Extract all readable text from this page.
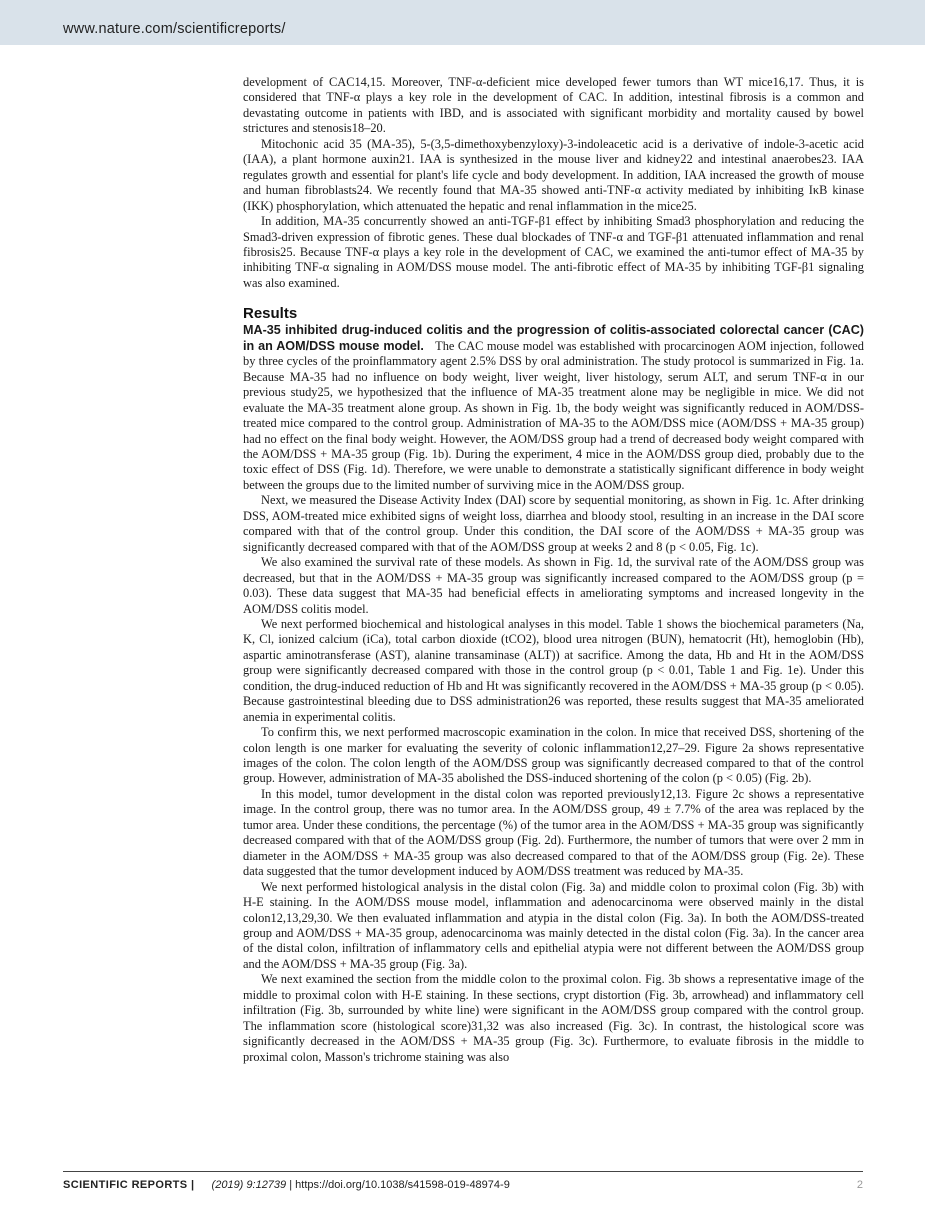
www.nature.com/scientificreports/

development of CAC14,15. Moreover, TNF-α-deficient mice developed fewer tumors than WT mice16,17. Thus, it is considered that TNF-α plays a key role in the development of CAC. In addition, intestinal fibrosis is a common and devastating outcome in patients with IBD, and is associated with significant morbidity and mortality caused by bowel strictures and stenosis18–20.

Mitochonic acid 35 (MA-35), 5-(3,5-dimethoxybenzyloxy)-3-indoleacetic acid is a derivative of indole-3-acetic acid (IAA), a plant hormone auxin21. IAA is synthesized in the mouse liver and kidney22 and intestinal anaerobes23. IAA regulates growth and essential for plant's life cycle and body development. In addition, IAA increased the growth of mouse and human fibroblasts24. We recently found that MA-35 showed anti-TNF-α activity mediated by inhibiting IκB kinase (IKK) phosphorylation, which attenuated the hepatic and renal inflammation in the mice25.

In addition, MA-35 concurrently showed an anti-TGF-β1 effect by inhibiting Smad3 phosphorylation and reducing the Smad3-driven expression of fibrotic genes. These dual blockades of TNF-α and TGF-β1 attenuated inflammation and renal fibrosis25. Because TNF-α plays a key role in the development of CAC, we examined the anti-tumor effect of MA-35 by inhibiting TNF-α signaling in AOM/DSS mouse model. The anti-fibrotic effect of MA-35 by inhibiting TGF-β1 signaling was also examined.

Results

MA-35 inhibited drug-induced colitis and the progression of colitis-associated colorectal cancer (CAC) in an AOM/DSS mouse model. The CAC mouse model was established with procarcinogen AOM injection, followed by three cycles of the proinflammatory agent 2.5% DSS by oral administration. The study protocol is summarized in Fig. 1a. Because MA-35 had no influence on body weight, liver weight, liver histology, serum ALT, and serum TNF-α in our previous study25, we hypothesized that the influence of MA-35 treatment alone may be negligible in mice. We did not evaluate the MA-35 treatment alone group. As shown in Fig. 1b, the body weight was significantly reduced in AOM/DSS-treated mice compared to the control group. Administration of MA-35 to the AOM/DSS mice (AOM/DSS + MA-35 group) had no effect on the final body weight. However, the AOM/DSS group had a trend of decreased body weight compared with the AOM/DSS + MA-35 group (Fig. 1b). During the experiment, 4 mice in the AOM/DSS group died, probably due to the toxic effect of DSS (Fig. 1d). Therefore, we were unable to demonstrate a statistically significant difference in body weight between the groups due to the limited number of surviving mice in the AOM/DSS group.

Next, we measured the Disease Activity Index (DAI) score by sequential monitoring, as shown in Fig. 1c. After drinking DSS, AOM-treated mice exhibited signs of weight loss, diarrhea and bloody stool, resulting in an increase in the DAI score compared with that of the control group. Under this condition, the DAI score of the AOM/DSS + MA-35 group was significantly decreased compared with that of the AOM/DSS group at weeks 2 and 8 (p < 0.05, Fig. 1c).

We also examined the survival rate of these models. As shown in Fig. 1d, the survival rate of the AOM/DSS group was decreased, but that in the AOM/DSS + MA-35 group was significantly increased compared to the AOM/DSS group (p = 0.03). These data suggest that MA-35 had beneficial effects in ameliorating symptoms and increased longevity in the AOM/DSS colitis model.

We next performed biochemical and histological analyses in this model. Table 1 shows the biochemical parameters (Na, K, Cl, ionized calcium (iCa), total carbon dioxide (tCO2), blood urea nitrogen (BUN), hematocrit (Ht), hemoglobin (Hb), aspartic aminotransferase (AST), alanine transaminase (ALT)) at sacrifice. Among the data, Hb and Ht in the AOM/DSS group were significantly decreased compared with those in the control group (p < 0.01, Table 1 and Fig. 1e). Under this condition, the drug-induced reduction of Hb and Ht was significantly recovered in the AOM/DSS + MA-35 group (p < 0.05). Because gastrointestinal bleeding due to DSS administration26 was reported, these results suggest that MA-35 ameliorated anemia in experimental colitis.

To confirm this, we next performed macroscopic examination in the colon. In mice that received DSS, shortening of the colon length is one marker for evaluating the severity of colonic inflammation12,27–29. Figure 2a shows representative images of the colon. The colon length of the AOM/DSS group was significantly decreased compared to that of the control group. However, administration of MA-35 abolished the DSS-induced shortening of the colon (p < 0.05) (Fig. 2b).

In this model, tumor development in the distal colon was reported previously12,13. Figure 2c shows a representative image. In the control group, there was no tumor area. In the AOM/DSS group, 49 ± 7.7% of the area was replaced by the tumor area. Under these conditions, the percentage (%) of the tumor area in the AOM/DSS + MA-35 group was significantly decreased compared with that of the AOM/DSS group (Fig. 2d). Furthermore, the number of tumors that were over 2 mm in diameter in the AOM/DSS + MA-35 group was also decreased compared to that of the AOM/DSS group (Fig. 2e). These data suggested that the tumor development induced by AOM/DSS treatment was reduced by MA-35.

We next performed histological analysis in the distal colon (Fig. 3a) and middle colon to proximal colon (Fig. 3b) with H-E staining. In the AOM/DSS mouse model, inflammation and adenocarcinoma were observed mainly in the distal colon12,13,29,30. We then evaluated inflammation and atypia in the distal colon (Fig. 3a). In both the AOM/DSS-treated group and AOM/DSS + MA-35 group, adenocarcinoma was mainly detected in the distal colon (Fig. 3a). In the cancer area of the distal colon, infiltration of inflammatory cells and epithelial atypia were not different between the AOM/DSS group and the AOM/DSS + MA-35 group (Fig. 3a).

We next examined the section from the middle colon to the proximal colon. Fig. 3b shows a representative image of the middle to proximal colon with H-E staining. In these sections, crypt distortion (Fig. 3b, arrowhead) and inflammatory cell infiltration (Fig. 3b, surrounded by white line) were significant in the AOM/DSS group compared with the control group. The inflammation score (histological score)31,32 was also increased (Fig. 3c). In contrast, the histological score was significantly decreased in the AOM/DSS + MA-35 group (Fig. 3c). Furthermore, to evaluate fibrosis in the middle to proximal colon, Masson's trichrome staining was also

SCIENTIFIC REPORTS | (2019) 9:12739 | https://doi.org/10.1038/s41598-019-48974-9	2
